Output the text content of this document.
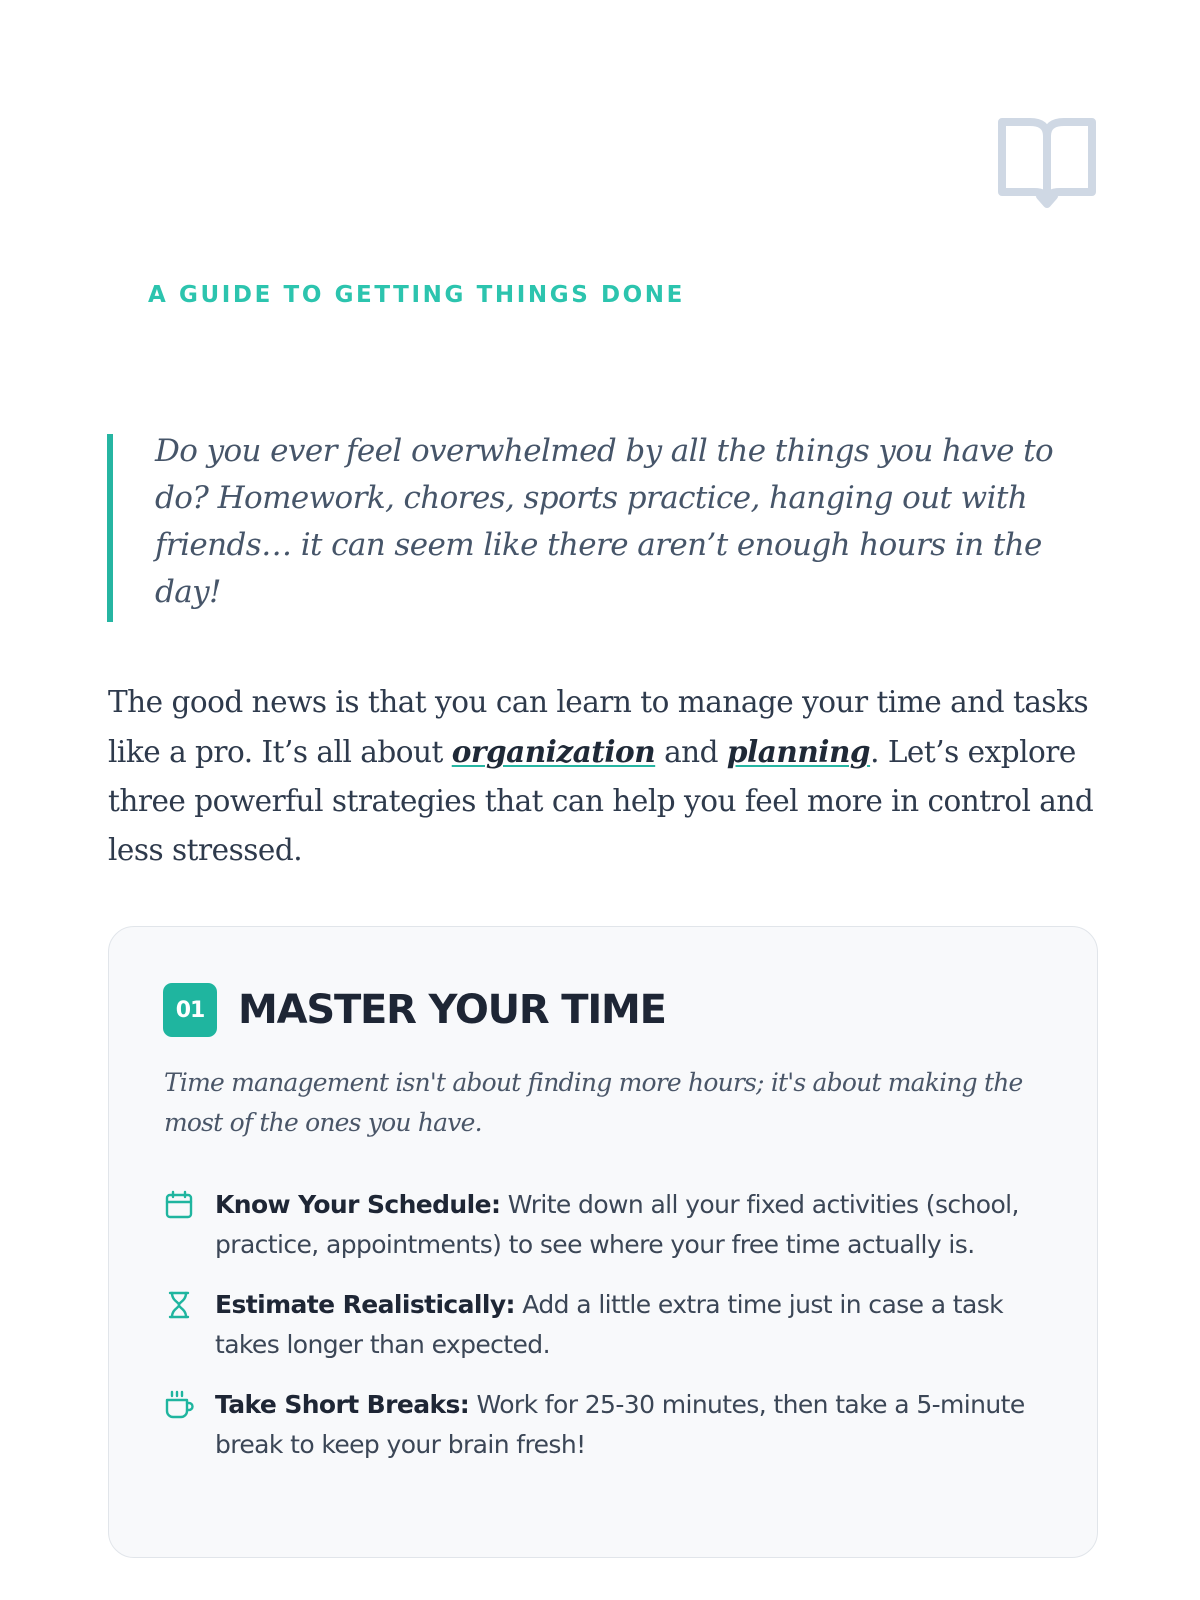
A GUIDE TO GETTING THINGS DONE

Do you ever feel overwhelmed by all the things you have to do? Homework, chores, sports practice, hanging out with friends… it can seem like there aren’t enough hours in the day!

The good news is that you can learn to manage your time and tasks like a pro. It’s all about organization and planning. Let’s explore three powerful strategies that can help you feel more in control and less stressed.

01 MASTER YOUR TIME

Time management isn't about finding more hours; it's about making the most of the ones you have.

Know Your Schedule: Write down all your fixed activities (school, practice, appointments) to see where your free time actually is.

Estimate Realistically: Add a little extra time just in case a task takes longer than expected.

Take Short Breaks: Work for 25-30 minutes, then take a 5-minute break to keep your brain fresh!
